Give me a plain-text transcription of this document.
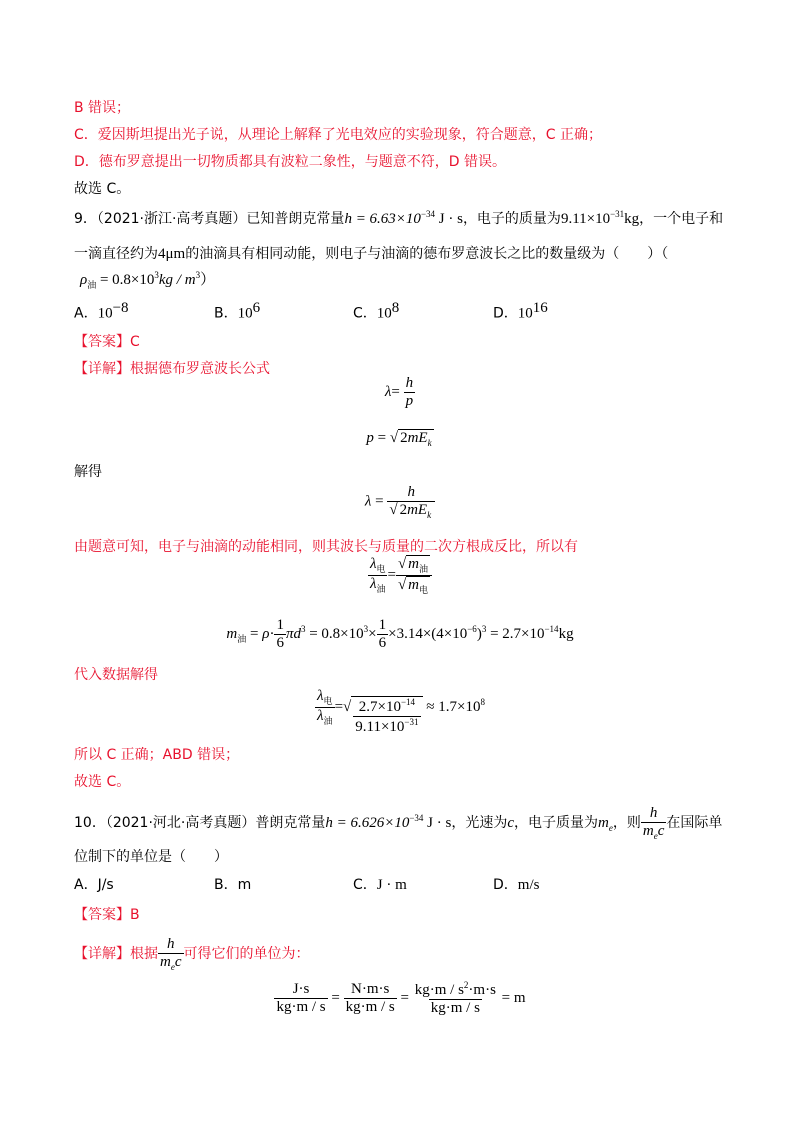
B 错误；
C．爱因斯坦提出光子说，从理论上解释了光电效应的实验现象，符合题意，C 正确；
D．德布罗意提出一切物质都具有波粒二象性，与题意不符，D 错误。
故选 C。
9．（2021·浙江·高考真题）已知普朗克常量$h = 6.63\times 10^{-34}$ J · s，电子的质量为$9.11\times 10^{-31}kg$，一个电子和
一滴直径约为4μm的油滴具有相同动能，则电子与油滴的德布罗意波长之比的数量级为（　　）（
$\rho_油 = 0.8\times 10^3kg / m^3$）
A．$10^{-8}$	B．$10^6$	C．$10^8$	D．$10^{16}$
【答案】C
【详解】根据德布罗意波长公式
$\lambda= \frac{h}{p}$
p = √ $2mE_k$
解得
$\lambda = \frac{h}{√ 2mE_k}$
由题意可知，电子与油滴的动能相同，则其波长与质量的二次方根成反比，所以有
$\frac{\lambda_电}{\lambda_油} = \frac{√ m_油}{√ m_电}$
$m_油 = \rho\cdot \frac{1}{6} \pi d^3 = 0.8\times 10^3\times \frac{1}{6} \times 3.14\times(4\times 10^{-6})^3 = 2.7\times 10^{-14}kg$
代入数据解得
$\frac{\lambda_电}{\lambda_油}$ =√ $\frac{2.7\times 10^{-14}}{9.11\times 10^{-31}} \approx 1.7\times 10^8$
所以 C 正确；ABD 错误；
故选 C。
10．（2021·河北·高考真题）普朗克常量$h = 6.626\times 10^{-34}$ J · s，光速为c，电子质量为$m_e$，则 $\frac{h}{m_ec}$ 在国际单
位制下的单位是（　　）
A．J/s	B．m	C．J · m	D．m/s
【答案】B
【详解】根据 $\frac{h}{m_ec}$ 可得它们的单位为：
$\frac{J\cdot s}{kg\cdot m / s} = \frac{N\cdot m\cdot s}{kg\cdot m / s} = \frac{kg\cdot m / s^2\cdot m\cdot s}{kg\cdot m / s} = m$
